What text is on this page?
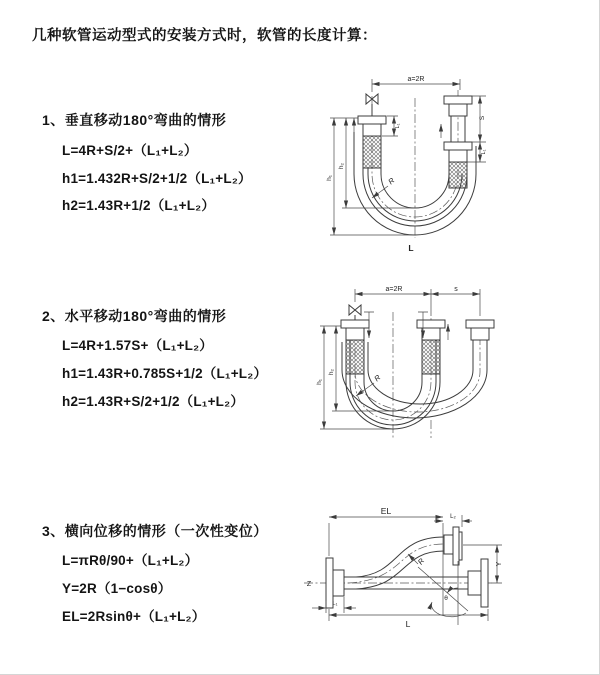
几种软管运动型式的安装方式时，软管的长度计算：
1、垂直移动180°弯曲的情形
L=4R+S/2+（L₁+L₂）
h1=1.432R+S/2+1/2（L₁+L₂）
h2=1.43R+1/2（L₁+L₂）
a=2R
h₁
h₂
S
L₁
L₁
R
L
2、水平移动180°弯曲的情形
L=4R+1.57S+（L₁+L₂）
h1=1.43R+0.785S+1/2（L₁+L₂）
h2=1.43R+S/2+1/2（L₁+L₂）
a=2R	s
h₁
h₂
R
3、横向位移的情形（一次性变位）
L=πRθ/90+（L₁+L₂）
Y=2R（1−cosθ）
EL=2Rsinθ+（L₁+L₂）
Z
EL
L₂
Y
L
L₁
R
θ
